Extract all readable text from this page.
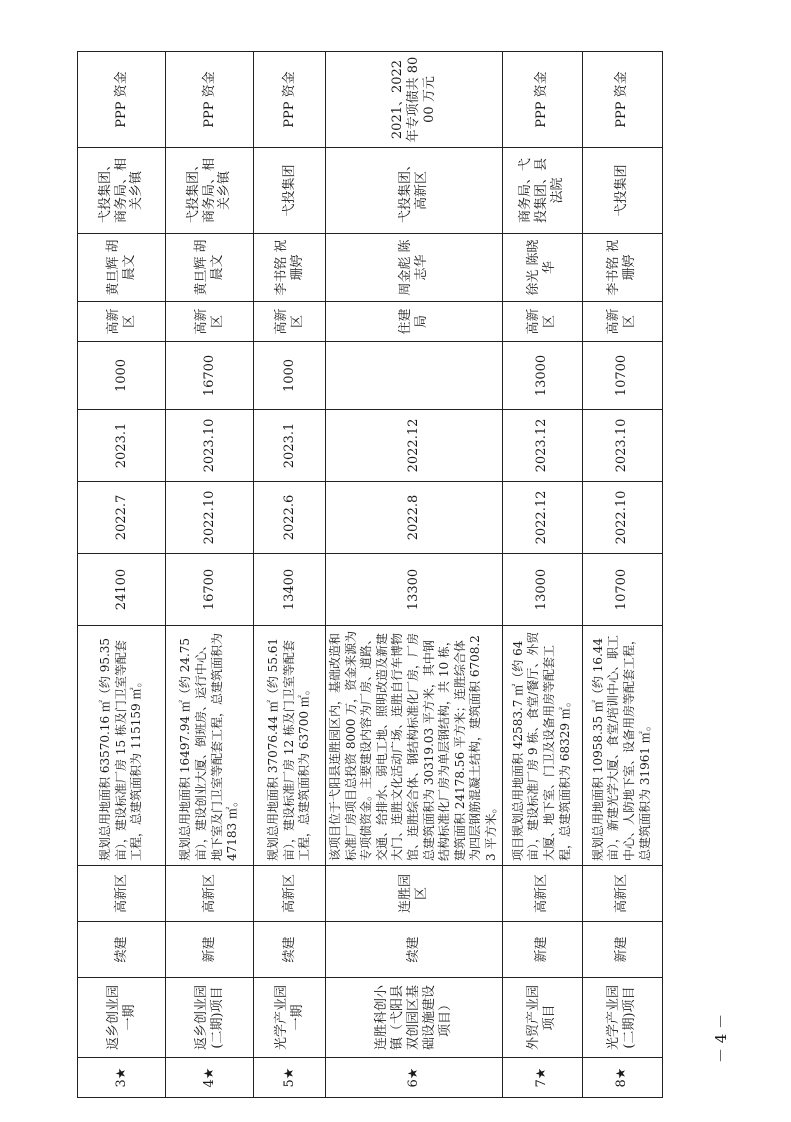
3★	返乡创业园一期	续建	高新区	规划总用地面积 63570.16 ㎡（约 95.35 亩），建设标准厂房 15 栋及门卫室等配套工程，总建筑面积为 115159 ㎡。	24100	2022.7	2023.1	1000	高新区	黄旦辉 胡晨文	弋投集团、商务局、相关乡镇	PPP 资金
4★	返乡创业园(二期)项目	新建	高新区	规划总用地面积 16497.94 ㎡（约 24.75 亩），建设创业大厦、倒班房、运行中心、地下室及门卫室等配套工程，总建筑面积为 47183 ㎡。	16700	2022.10	2023.10	16700	高新区	黄旦辉 胡晨文	弋投集团、商务局、相关乡镇	PPP 资金
5★	光学产业园一期	续建	高新区	规划总用地面积 37076.44 ㎡（约 55.61 亩），建设标准厂房 12 栋及门卫室等配套工程，总建筑面积为 63700 ㎡。	13400	2022.6	2023.1	1000	高新区	李书铭 祝珊婷	弋投集团	PPP 资金
6★	连胜科创小镇（弋阳县双创园区基础设施建设项目）	续建	连胜园区	该项目位于弋阳县连胜园区内，基础改造和标准厂房项目总投资 8000 万，资金来源为专项债资金。主要建设内容为厂房、道路、交通、给排水、弱电工地、照明改造及新建大门、连胜文化活动广场、连胜自行车博物馆、连胜综合体、钢结构标准化厂房，厂房总建筑面积为 30319.03 平方米，其中钢结构标准化厂房为单层钢结构，共 10 栋，建筑面积 24178.56 平方米；连胜综合体为四层钢筋混凝土结构，建筑面积 6708.23 平方米。	13300	2022.8	2022.12		住建局	周金彪 陈志华	弋投集团、高新区	2021、2022 年专项债共 8000 万元
7★	外贸产业园项目	新建	高新区	项目规划总用地面积 42583.7 ㎡（约 64 亩），建设标准厂房 9 栋、食堂/餐厅、外贸大厦、地下室、门卫及设备用房等配套工程，总建筑面积为 68329 ㎡。	13000	2022.12	2023.12	13000	高新区	徐光 陈晓华	商务局、弋投集团、县法院	PPP 资金
8★	光学产业园(二期)项目	新建	高新区	规划总用地面积 10958.35 ㎡（约 16.44 亩），新建光学大厦、食堂/培训中心、职工中心、人防地下室、设备用房等配套工程，总建筑面积为 31961 ㎡。	10700	2022.10	2023.10	10700	高新区	李书铭 祝珊婷	弋投集团	PPP 资金
－ 4 －
